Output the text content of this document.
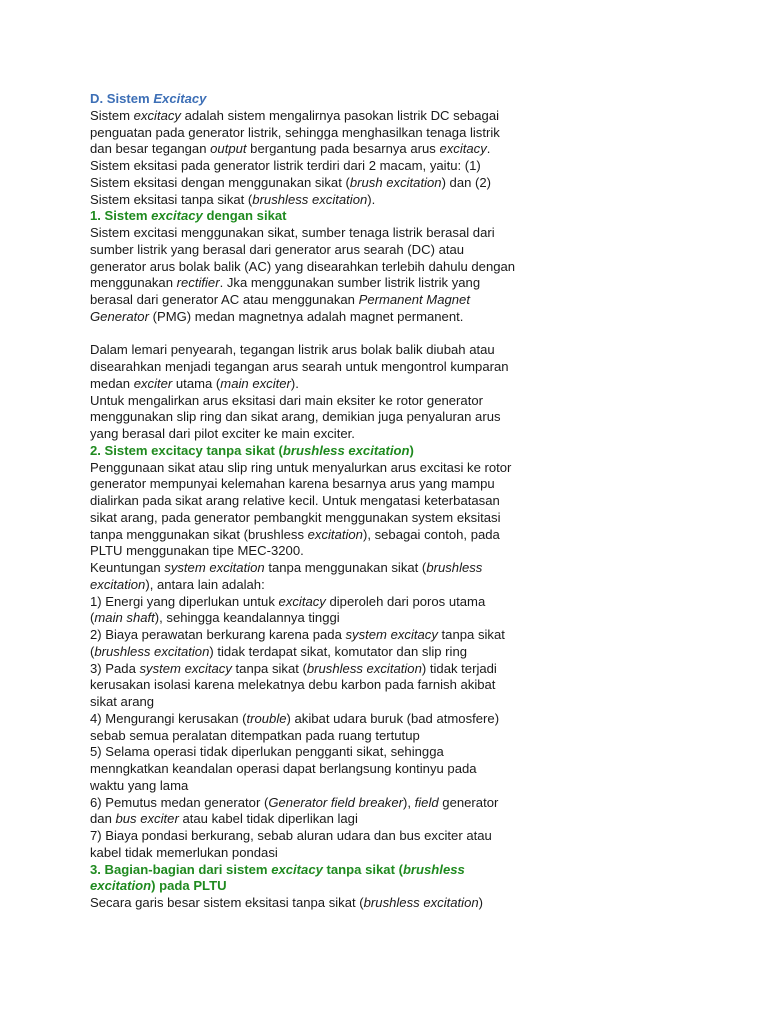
D. Sistem Excitacy

Sistem excitacy adalah sistem mengalirnya pasokan listrik DC sebagai

penguatan pada generator listrik, sehingga menghasilkan tenaga listrik

dan besar tegangan output bergantung pada besarnya arus excitacy.

Sistem eksitasi pada generator listrik terdiri dari 2 macam, yaitu: (1)

Sistem eksitasi dengan menggunakan sikat (brush excitation) dan (2)

Sistem eksitasi tanpa sikat (brushless excitation).

1. Sistem excitacy dengan sikat

Sistem excitasi menggunakan sikat, sumber tenaga listrik berasal dari

sumber listrik yang berasal dari generator arus searah (DC) atau

generator arus bolak balik (AC) yang disearahkan terlebih dahulu dengan

menggunakan rectifier. Jka menggunakan sumber listrik listrik yang

berasal dari generator AC atau menggunakan Permanent Magnet

Generator (PMG) medan magnetnya adalah magnet permanent.

Dalam lemari penyearah, tegangan listrik arus bolak balik diubah atau

disearahkan menjadi tegangan arus searah untuk mengontrol kumparan

medan exciter utama (main exciter).

Untuk mengalirkan arus eksitasi dari main eksiter ke rotor generator

menggunakan slip ring dan sikat arang, demikian juga penyaluran arus

yang berasal dari pilot exciter ke main exciter.

2. Sistem excitacy tanpa sikat (brushless excitation)

Penggunaan sikat atau slip ring untuk menyalurkan arus excitasi ke rotor

generator mempunyai kelemahan karena besarnya arus yang mampu

dialirkan pada sikat arang relative kecil. Untuk mengatasi keterbatasan

sikat arang, pada generator pembangkit menggunakan system eksitasi

tanpa menggunakan sikat (brushless excitation), sebagai contoh, pada

PLTU menggunakan tipe MEC-3200.

Keuntungan system excitation tanpa menggunakan sikat (brushless

excitation), antara lain adalah:

1) Energi yang diperlukan untuk excitacy diperoleh dari poros utama

(main shaft), sehingga keandalannya tinggi

2) Biaya perawatan berkurang karena pada system excitacy tanpa sikat

(brushless excitation) tidak terdapat sikat, komutator dan slip ring

3) Pada system excitacy tanpa sikat (brushless excitation) tidak terjadi

kerusakan isolasi karena melekatnya debu karbon pada farnish akibat

sikat arang

4) Mengurangi kerusakan (trouble) akibat udara buruk (bad atmosfere)

sebab semua peralatan ditempatkan pada ruang tertutup

5) Selama operasi tidak diperlukan pengganti sikat, sehingga

menngkatkan keandalan operasi dapat berlangsung kontinyu pada

waktu yang lama

6) Pemutus medan generator (Generator field breaker), field generator

dan bus exciter atau kabel tidak diperlikan lagi

7) Biaya pondasi berkurang, sebab aluran udara dan bus exciter atau

kabel tidak memerlukan pondasi

3. Bagian-bagian dari sistem excitacy tanpa sikat (brushless

excitation) pada PLTU

Secara garis besar sistem eksitasi tanpa sikat (brushless excitation)
